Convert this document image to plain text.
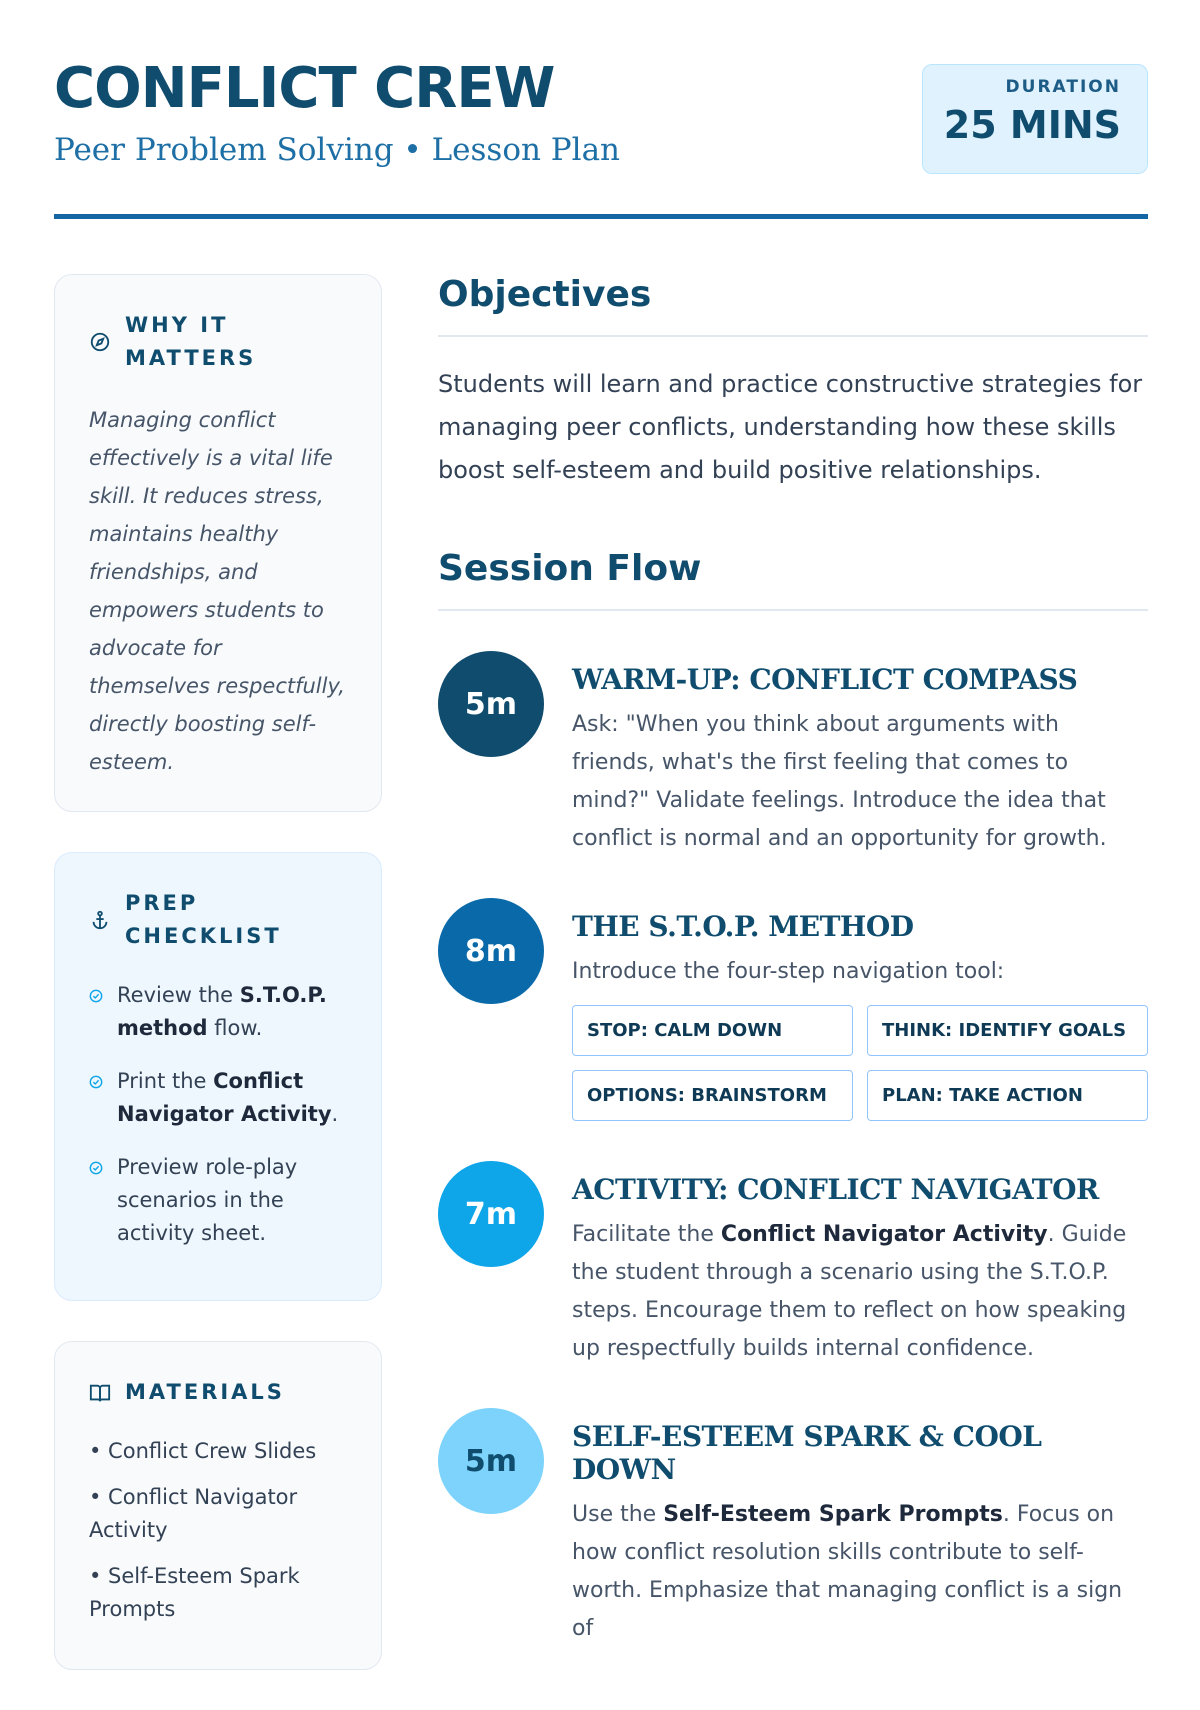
CONFLICT CREW
Peer Problem Solving • Lesson Plan
DURATION
25 MINS
WHY IT MATTERS

Managing conflict effectively is a vital life skill. It reduces stress, maintains healthy friendships, and empowers students to advocate for themselves respectfully, directly boosting self-esteem.

PREP CHECKLIST
Review the S.T.O.P. method flow.
Print the Conflict Navigator Activity.
Preview role-play scenarios in the activity sheet.
MATERIALS
• Conflict Crew Slides
• Conflict Navigator Activity
• Self-Esteem Spark Prompts
Objectives

Students will learn and practice constructive strategies for managing peer conflicts, understanding how these skills boost self-esteem and build positive relationships.

Session Flow
5m
WARM-UP: CONFLICT COMPASS

Ask: "When you think about arguments with friends, what's the first feeling that comes to mind?" Validate feelings. Introduce the idea that conflict is normal and an opportunity for growth.

8m
THE S.T.O.P. METHOD

Introduce the four-step navigation tool:

STOP: CALM DOWN	THINK: IDENTIFY GOALS
OPTIONS: BRAINSTORM	PLAN: TAKE ACTION
7m
ACTIVITY: CONFLICT NAVIGATOR

Facilitate the Conflict Navigator Activity. Guide the student through a scenario using the S.T.O.P. steps. Encourage them to reflect on how speaking up respectfully builds internal confidence.

5m
SELF-ESTEEM SPARK & COOL DOWN

Use the Self-Esteem Spark Prompts. Focus on how conflict resolution skills contribute to self-worth. Emphasize that managing conflict is a sign of
